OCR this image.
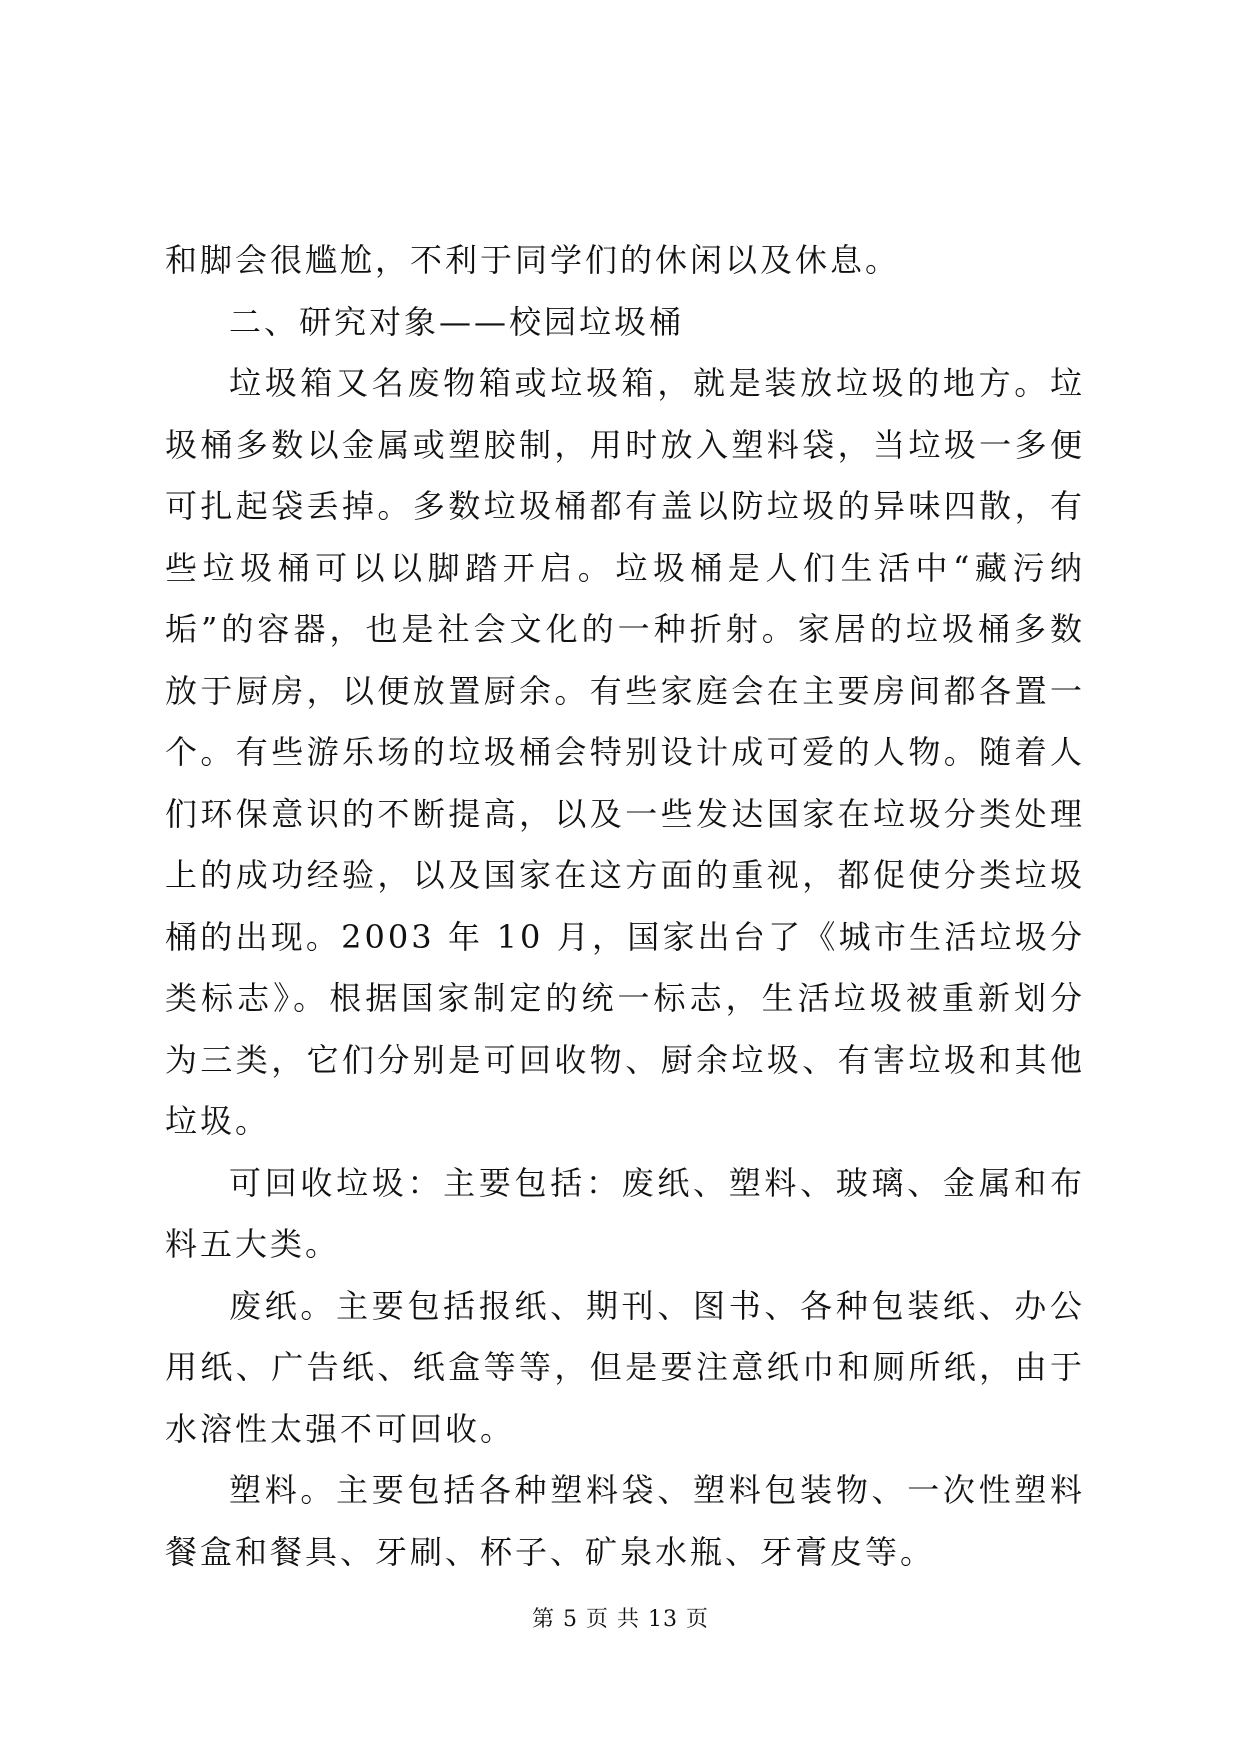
和脚会很尴尬，不利于同学们的休闲以及休息。

二、研究对象——校园垃圾桶

垃圾箱又名废物箱或垃圾箱，就是装放垃圾的地方。垃圾桶多数以金属或塑胶制，用时放入塑料袋，当垃圾一多便可扎起袋丢掉。多数垃圾桶都有盖以防垃圾的异味四散，有些垃圾桶可以以脚踏开启。垃圾桶是人们生活中“藏污纳垢”的容器，也是社会文化的一种折射。家居的垃圾桶多数放于厨房，以便放置厨余。有些家庭会在主要房间都各置一个。有些游乐场的垃圾桶会特别设计成可爱的人物。随着人们环保意识的不断提高，以及一些发达国家在垃圾分类处理上的成功经验，以及国家在这方面的重视，都促使分类垃圾桶的出现。2003 年 10 月，国家出台了《城市生活垃圾分类标志》。根据国家制定的统一标志，生活垃圾被重新划分为三类，它们分别是可回收物、厨余垃圾、有害垃圾和其他垃圾。

可回收垃圾：主要包括：废纸、塑料、玻璃、金属和布料五大类。

废纸。主要包括报纸、期刊、图书、各种包装纸、办公用纸、广告纸、纸盒等等，但是要注意纸巾和厕所纸，由于水溶性太强不可回收。

塑料。主要包括各种塑料袋、塑料包装物、一次性塑料餐盒和餐具、牙刷、杯子、矿泉水瓶、牙膏皮等。

第 5 页 共 13 页
